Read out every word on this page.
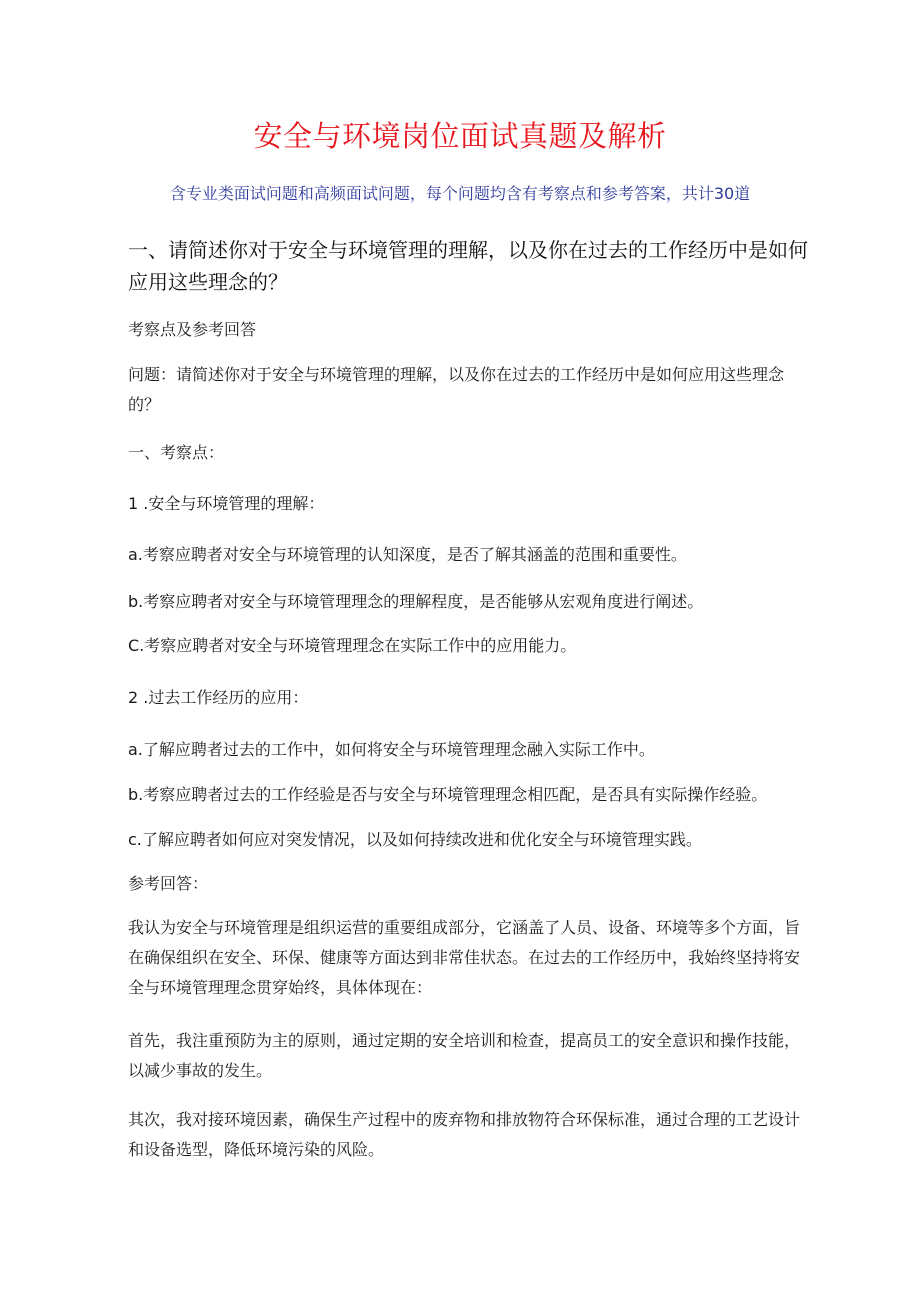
安全与环境岗位面试真题及解析
含专业类面试问题和高频面试问题，每个问题均含有考察点和参考答案，共计30道
一、请简述你对于安全与环境管理的理解，以及你在过去的工作经历中是如何应用这些理念的？
考察点及参考回答
问题：请简述你对于安全与环境管理的理解，以及你在过去的工作经历中是如何应用这些理念的？
一、考察点：
1 .安全与环境管理的理解：
a.考察应聘者对安全与环境管理的认知深度，是否了解其涵盖的范围和重要性。
b.考察应聘者对安全与环境管理理念的理解程度，是否能够从宏观角度进行阐述。
C.考察应聘者对安全与环境管理理念在实际工作中的应用能力。
2 .过去工作经历的应用：
a.了解应聘者过去的工作中，如何将安全与环境管理理念融入实际工作中。
b.考察应聘者过去的工作经验是否与安全与环境管理理念相匹配，是否具有实际操作经验。
c.了解应聘者如何应对突发情况，以及如何持续改进和优化安全与环境管理实践。
参考回答：
我认为安全与环境管理是组织运营的重要组成部分，它涵盖了人员、设备、环境等多个方面，旨在确保组织在安全、环保、健康等方面达到非常佳状态。在过去的工作经历中，我始终坚持将安全与环境管理理念贯穿始终，具体体现在：
首先，我注重预防为主的原则，通过定期的安全培训和检查，提高员工的安全意识和操作技能，以减少事故的发生。
其次，我对接环境因素，确保生产过程中的废弃物和排放物符合环保标准，通过合理的工艺设计和设备选型，降低环境污染的风险。
